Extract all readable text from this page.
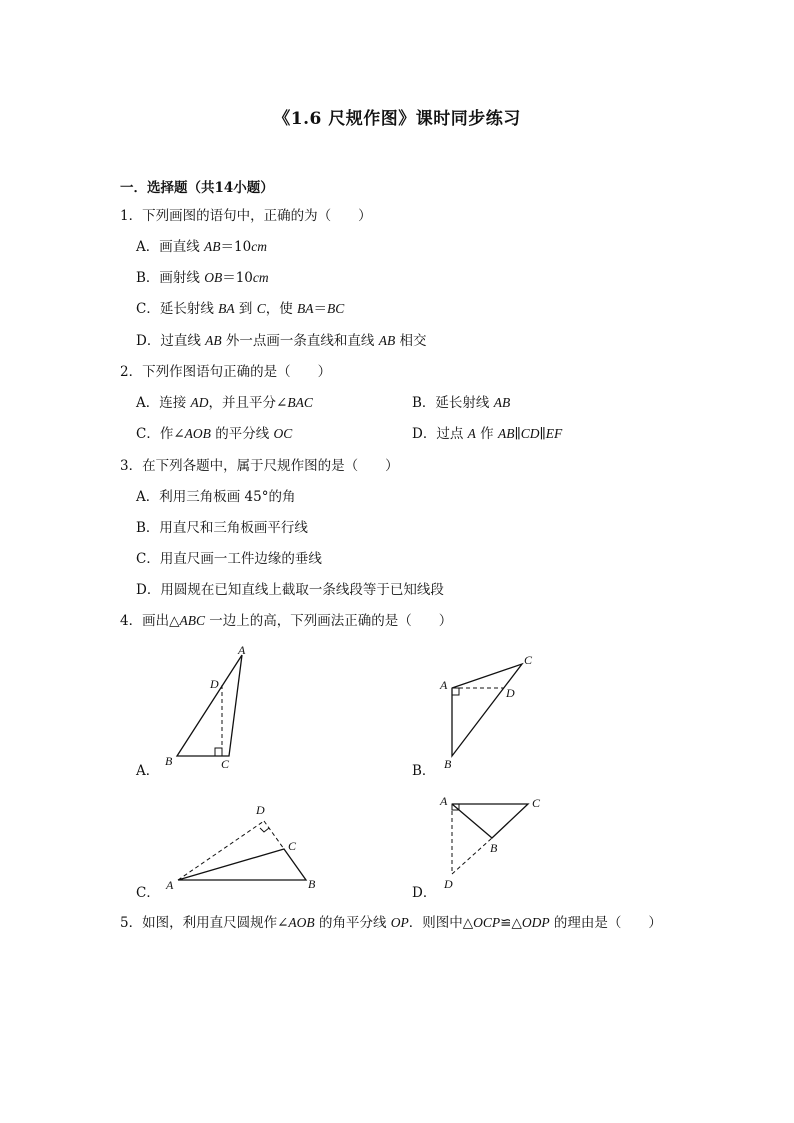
《1.6 尺规作图》课时同步练习
一．选择题（共14小题）
1．下列画图的语句中，正确的为（　　）
A．画直线 AB＝10cm
B．画射线 OB＝10cm
C．延长射线 BA 到 C，使 BA＝BC
D．过直线 AB 外一点画一条直线和直线 AB 相交
2．下列作图语句正确的是（　　）
A．连接 AD，并且平分∠BAC	B．延长射线 AB
C．作∠AOB 的平分线 OC	D．过点 A 作 AB∥CD∥EF
3．在下列各题中，属于尺规作图的是（　　）
A．利用三角板画 45°的角
B．用直尺和三角板画平行线
C．用直尺画一工件边缘的垂线
D．用圆规在已知直线上截取一条线段等于已知线段
4．画出△ABC 一边上的高，下列画法正确的是（　　）
A．
A
D
B	C	B．
A
C
D
B
C．
D
C
A	B
D．
A	C
B
D
5．如图，利用直尺圆规作∠AOB 的角平分线 OP．则图中△OCP≌△ODP 的理由是（　　）
